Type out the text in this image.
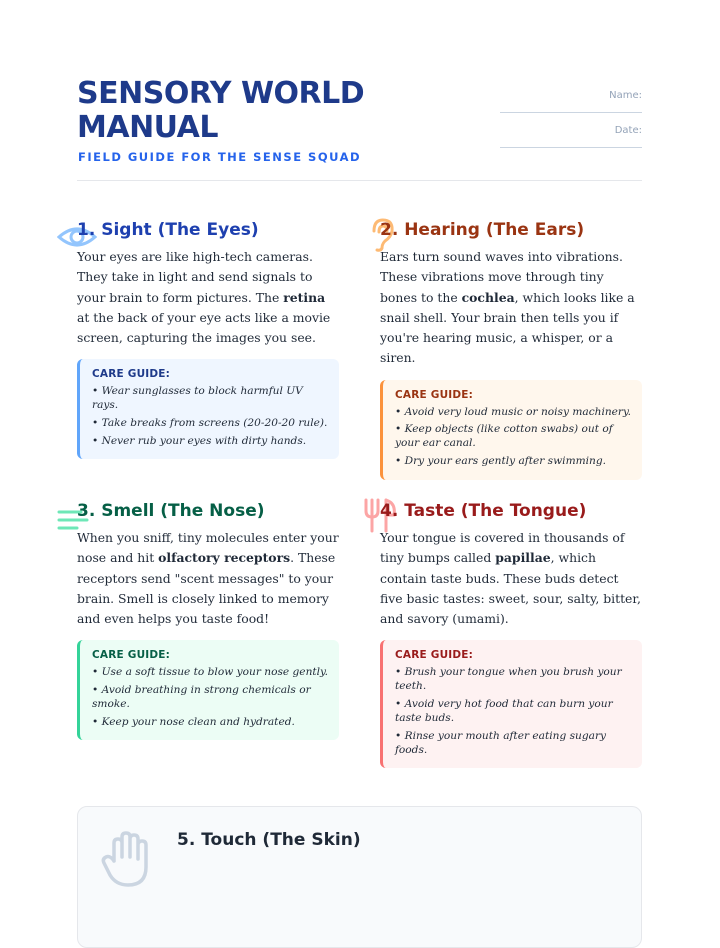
SENSORY WORLD
MANUAL
FIELD GUIDE FOR THE SENSE SQUAD
Name:
Date:
1. Sight (The Eyes)

Your eyes are like high-tech cameras. They take in light and send signals to your brain to form pictures. The retina at the back of your eye acts like a movie screen, capturing the images you see.

CARE GUIDE:
• Wear sunglasses to block harmful UV rays.
• Take breaks from screens (20-20-20 rule).
• Never rub your eyes with dirty hands.
2. Hearing (The Ears)

Ears turn sound waves into vibrations. These vibrations move through tiny bones to the cochlea, which looks like a snail shell. Your brain then tells you if you're hearing music, a whisper, or a siren.

CARE GUIDE:
• Avoid very loud music or noisy machinery.
• Keep objects (like cotton swabs) out of your ear canal.
• Dry your ears gently after swimming.
3. Smell (The Nose)

When you sniff, tiny molecules enter your nose and hit olfactory receptors. These receptors send "scent messages" to your brain. Smell is closely linked to memory and even helps you taste food!

CARE GUIDE:
• Use a soft tissue to blow your nose gently.
• Avoid breathing in strong chemicals or smoke.
• Keep your nose clean and hydrated.
4. Taste (The Tongue)

Your tongue is covered in thousands of tiny bumps called papillae, which contain taste buds. These buds detect five basic tastes: sweet, sour, salty, bitter, and savory (umami).

CARE GUIDE:
• Brush your tongue when you brush your teeth.
• Avoid very hot food that can burn your taste buds.
• Rinse your mouth after eating sugary foods.
5. Touch (The Skin)
